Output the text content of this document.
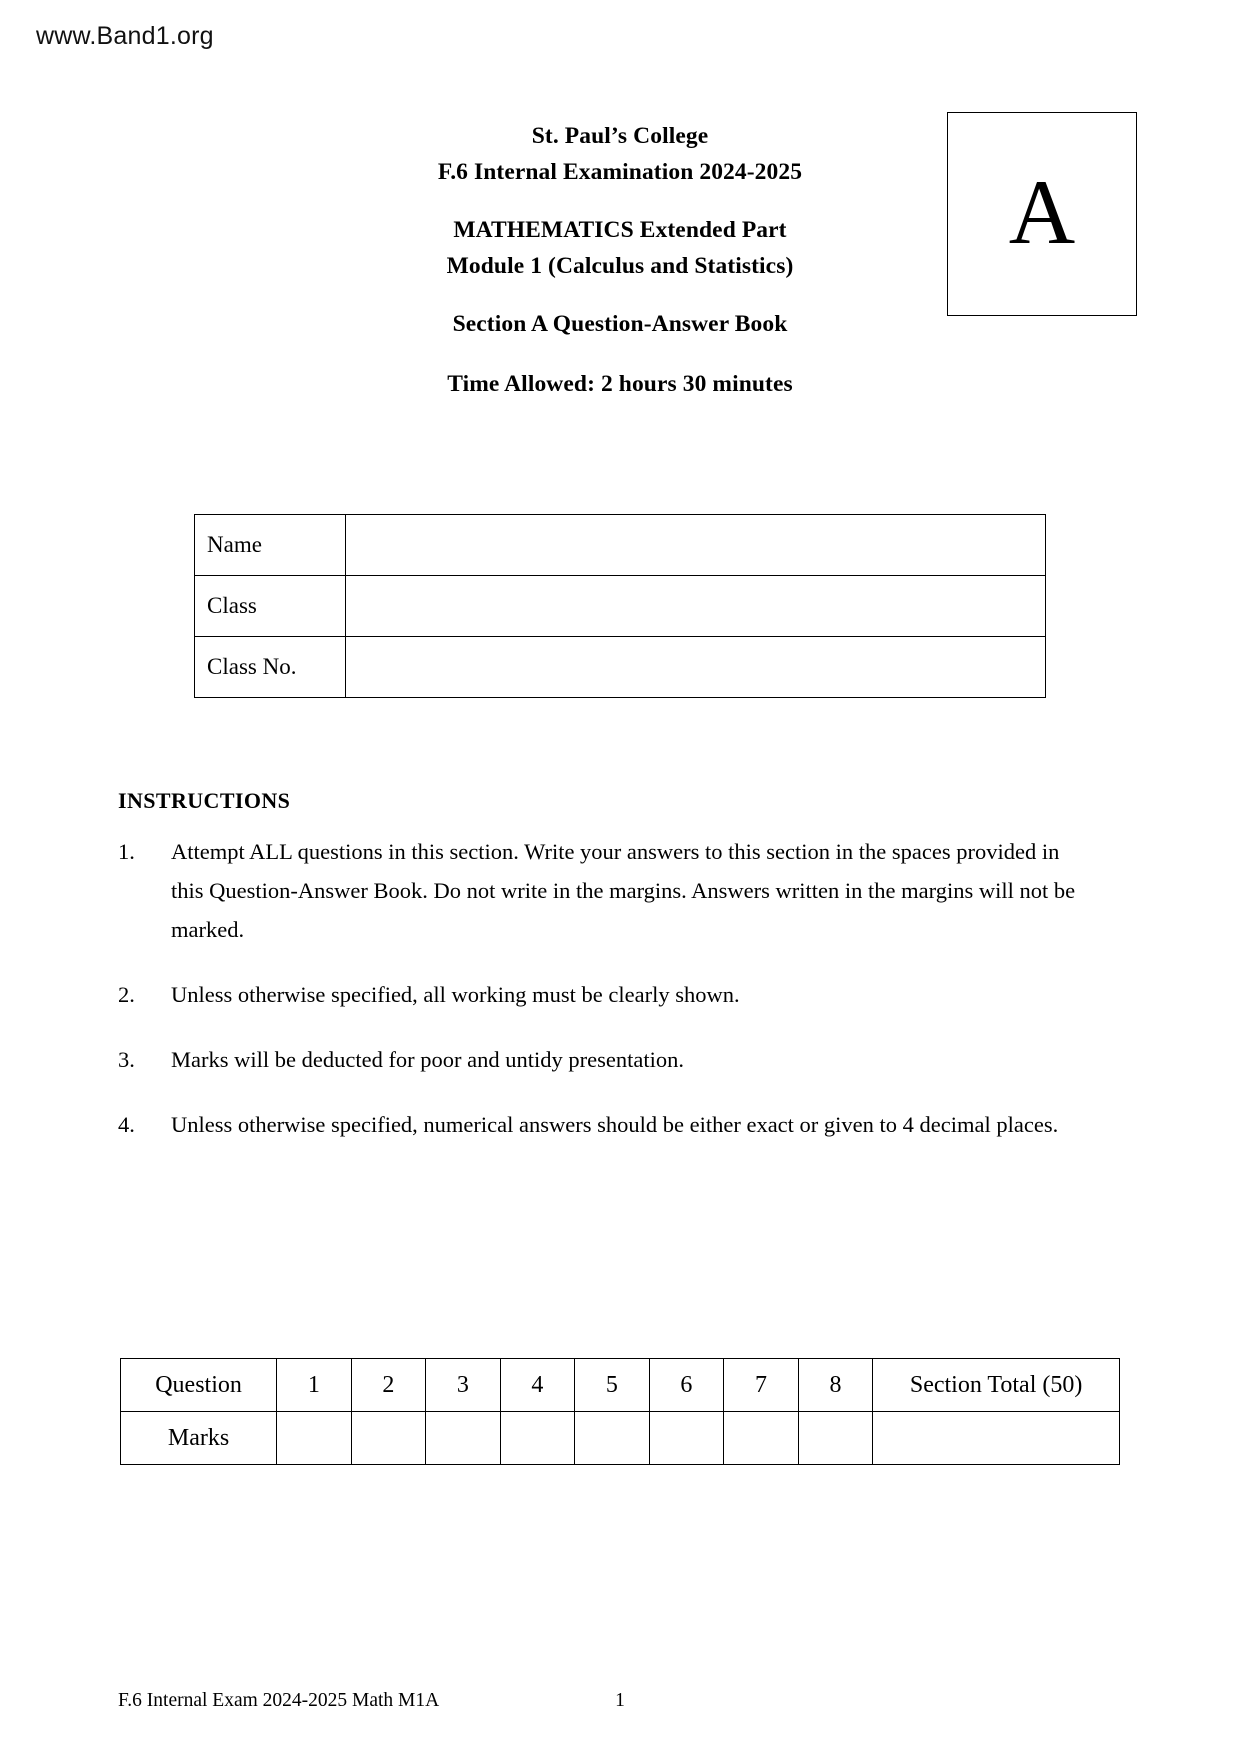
www.Band1.org
St. Paul’s College
F.6 Internal Examination 2024-2025
MATHEMATICS Extended Part
Module 1 (Calculus and Statistics)
Section A Question-Answer Book
Time Allowed: 2 hours 30 minutes
A
Name	
Class	
Class No.	
INSTRUCTIONS
1.	Attempt ALL questions in this section. Write your answers to this section in the spaces provided in this Question-Answer Book. Do not write in the margins. Answers written in the margins will not be marked.
2.	Unless otherwise specified, all working must be clearly shown.
3.	Marks will be deducted for poor and untidy presentation.
4.	Unless otherwise specified, numerical answers should be either exact or given to 4 decimal places.
Question	1	2	3	4	5	6	7	8	Section Total (50)
Marks									
F.6 Internal Exam 2024-2025 Math M1A	1
